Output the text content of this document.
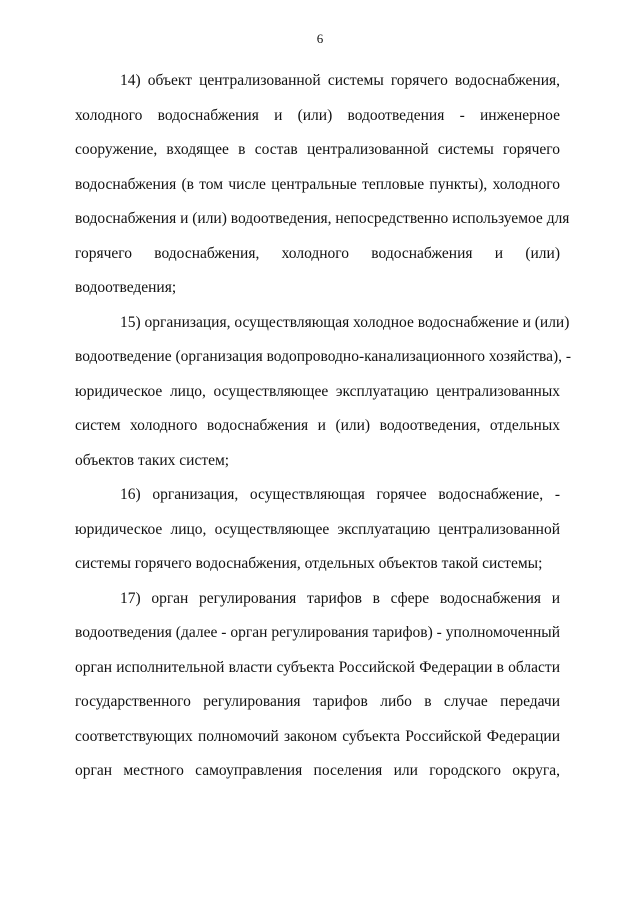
6
14) объект централизованной системы горячего водоснабжения,
холодного водоснабжения и (или) водоотведения - инженерное
сооружение, входящее в состав централизованной системы горячего
водоснабжения (в том числе центральные тепловые пункты), холодного
водоснабжения и (или) водоотведения, непосредственно используемое для
горячего водоснабжения, холодного водоснабжения и (или)
водоотведения;
15) организация, осуществляющая холодное водоснабжение и (или)
водоотведение (организация водопроводно-канализационного хозяйства), -
юридическое лицо, осуществляющее эксплуатацию централизованных
систем холодного водоснабжения и (или) водоотведения, отдельных
объектов таких систем;
16) организация, осуществляющая горячее водоснабжение, -
юридическое лицо, осуществляющее эксплуатацию централизованной
системы горячего водоснабжения, отдельных объектов такой системы;
17) орган регулирования тарифов в сфере водоснабжения и
водоотведения (далее - орган регулирования тарифов) - уполномоченный
орган исполнительной власти субъекта Российской Федерации в области
государственного регулирования тарифов либо в случае передачи
соответствующих полномочий законом субъекта Российской Федерации
орган местного самоуправления поселения или городского округа,
